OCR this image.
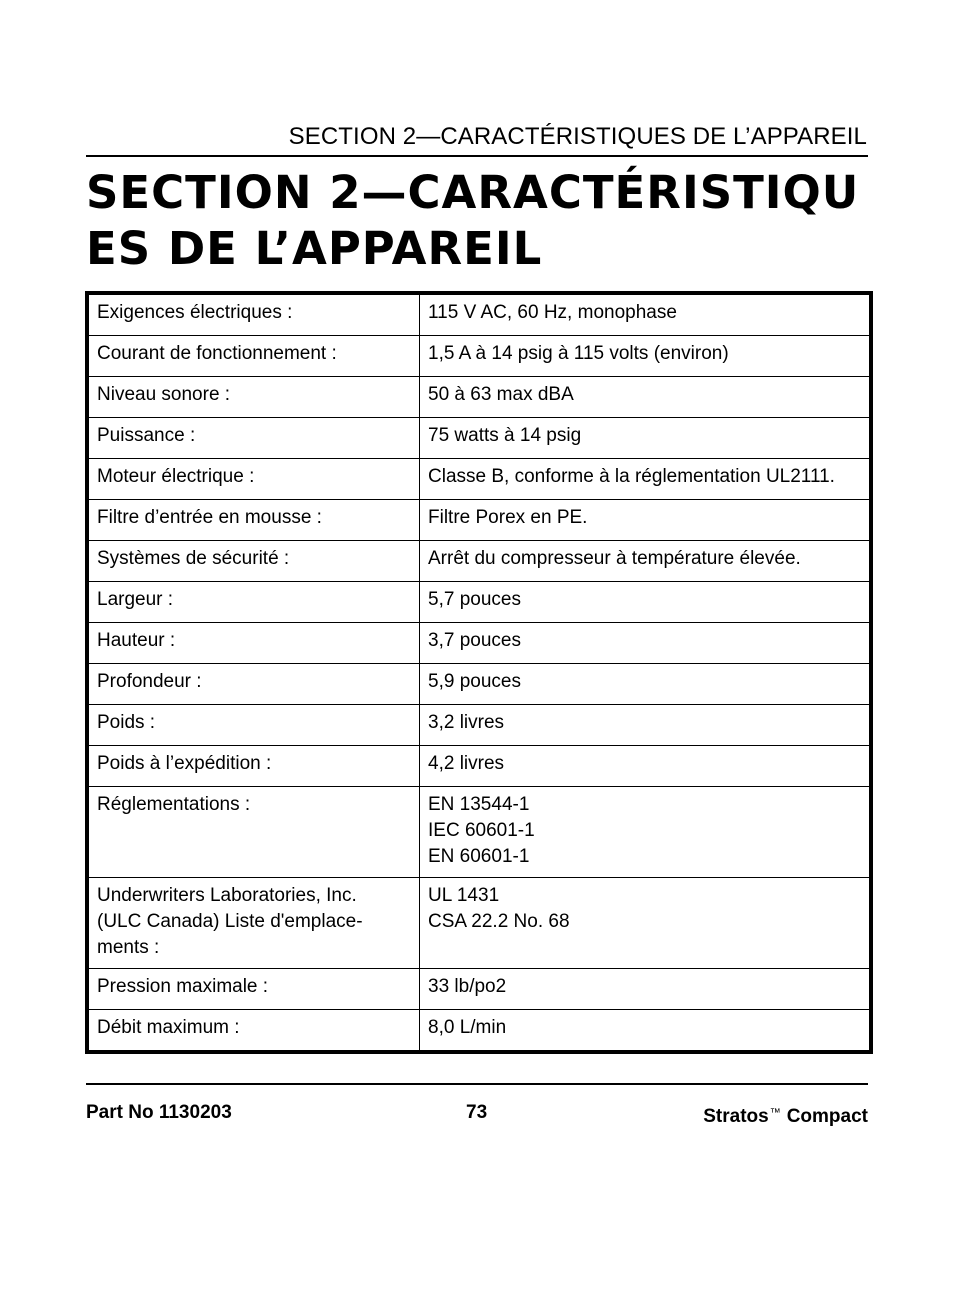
SECTION 2—CARACTÉRISTIQUES DE L’APPAREIL
SECTION 2—CARACTÉRISTIQUES DE L’APPAREIL
Exigences électriques :	115 V AC, 60 Hz, monophase
Courant de fonctionnement :	1,5 A à 14 psig à 115 volts (environ)
Niveau sonore :	50 à 63 max dBA
Puissance :	75 watts à 14 psig
Moteur électrique :	Classe B, conforme à la réglementation UL2111.
Filtre d’entrée en mousse :	Filtre Porex en PE.
Systèmes de sécurité :	Arrêt du compresseur à température élevée.
Largeur :	5,7 pouces
Hauteur :	3,7 pouces
Profondeur :	5,9 pouces
Poids :	3,2 livres
Poids à l’expédition :	4,2 livres
Réglementations :	EN 13544-1
IEC 60601-1
EN 60601-1
Underwriters Laboratories, Inc.
(ULC Canada) Liste d'emplace-
ments :	UL 1431
CSA 22.2 No. 68
Pression maximale :	33 lb/po2
Débit maximum :	8,0 L/min
Part No 1130203	73	Stratos™ Compact
